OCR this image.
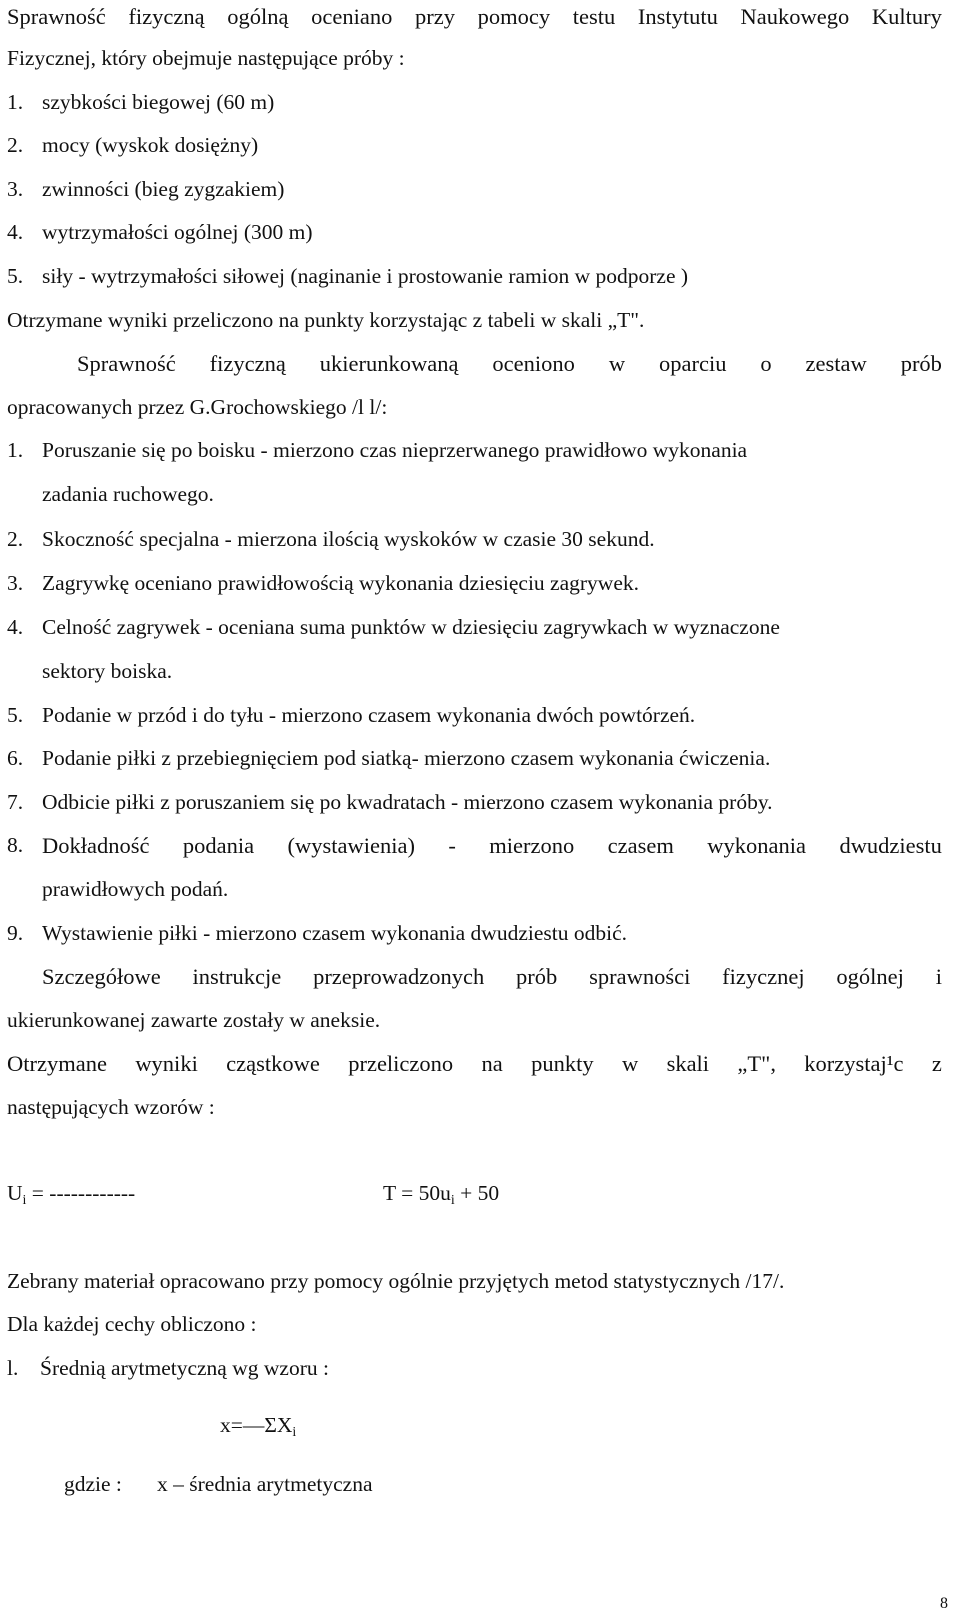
Sprawność fizyczną ogólną oceniano przy pomocy testu Instytutu Naukowego Kultury
Fizycznej, który obejmuje następujące próby :
1. szybkości biegowej (60 m)
2. mocy (wyskok dosiężny)
3. zwinności (bieg zygzakiem)
4. wytrzymałości ogólnej (300 m)
5. siły - wytrzymałości siłowej (naginanie i prostowanie ramion w podporze )
Otrzymane wyniki przeliczono na punkty korzystając z tabeli w skali „T".
Sprawność fizyczną ukierunkowaną oceniono w oparciu o zestaw prób
opracowanych przez G.Grochowskiego /l l/:
1. Poruszanie się po boisku - mierzono czas nieprzerwanego prawidłowo wykonania
zadania ruchowego.
2. Skoczność specjalna - mierzona ilością wyskoków w czasie 30 sekund.
3. Zagrywkę oceniano prawidłowością wykonania dziesięciu zagrywek.
4. Celność zagrywek - oceniana suma punktów w dziesięciu zagrywkach w wyznaczone
sektory boiska.
5. Podanie w przód i do tyłu - mierzono czasem wykonania dwóch powtórzeń.
6. Podanie piłki z przebiegnięciem pod siatką- mierzono czasem wykonania ćwiczenia.
7. Odbicie piłki z poruszaniem się po kwadratach - mierzono czasem wykonania próby.
8. Dokładność podania (wystawienia) - mierzono czasem wykonania dwudziestu
prawidłowych podań.
9. Wystawienie piłki - mierzono czasem wykonania dwudziestu odbić.
Szczegółowe instrukcje przeprowadzonych prób sprawności fizycznej ogólnej i
ukierunkowanej zawarte zostały w aneksie.
Otrzymane wyniki cząstkowe przeliczono na punkty w skali „T", korzystaj¹c z
następujących wzorów :
$U_i$ = ------------	$T = 50u_i + 50$
Zebrany materiał opracowano przy pomocy ogólnie przyjętych metod statystycznych /17/.
Dla każdej cechy obliczono :
l. Średnią arytmetyczną wg wzoru :
$x=—\Sigma X_i$
gdzie : x – średnia arytmetyczna
8
